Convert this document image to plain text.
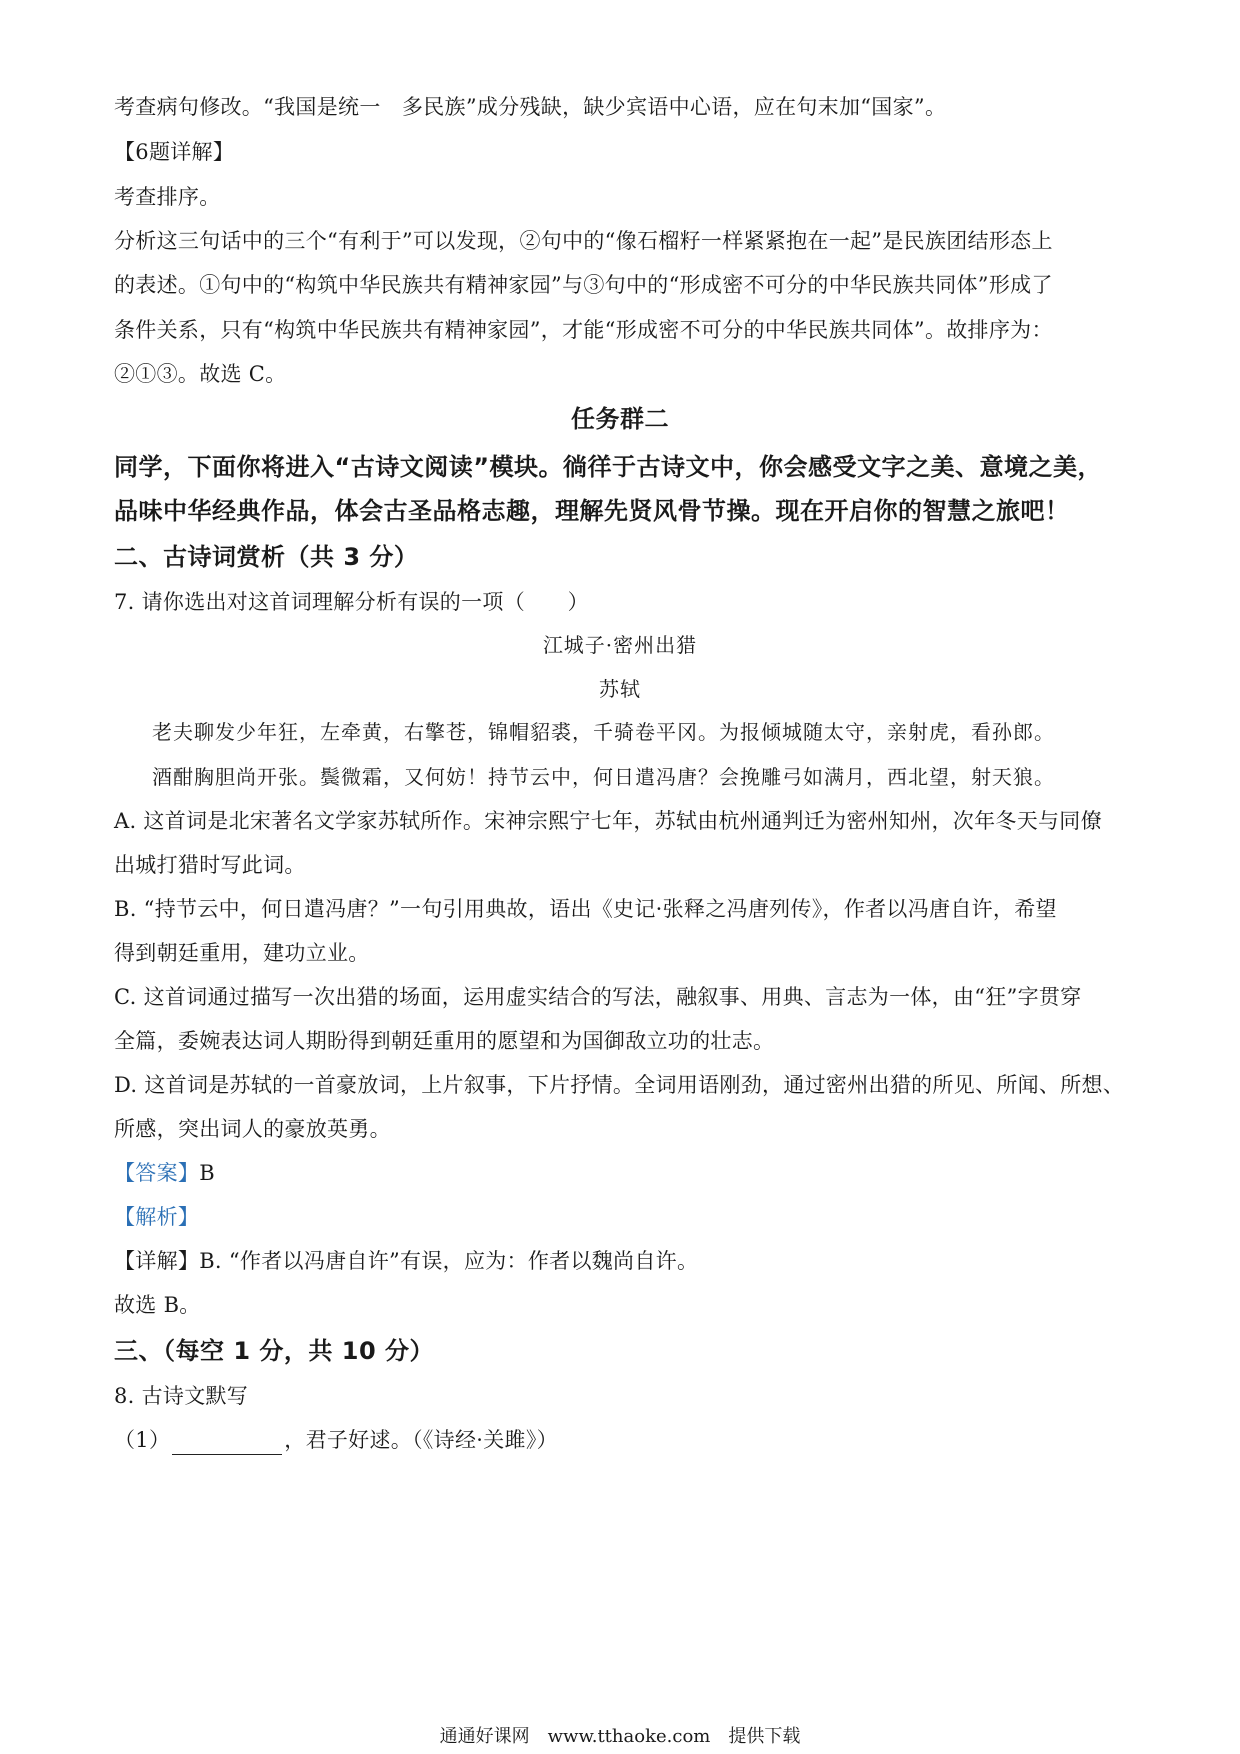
考查病句修改。“我国是统一　多民族”成分残缺，缺少宾语中心语，应在句末加“国家”。
【6题详解】
考查排序。
分析这三句话中的三个“有利于”可以发现，②句中的“像石榴籽一样紧紧抱在一起”是民族团结形态上
的表述。①句中的“构筑中华民族共有精神家园”与③句中的“形成密不可分的中华民族共同体”形成了
条件关系，只有“构筑中华民族共有精神家园”，才能“形成密不可分的中华民族共同体”。故排序为：
②①③。故选 C。
任务群二
同学，下面你将进入“古诗文阅读”模块。徜徉于古诗文中，你会感受文字之美、意境之美，
品味中华经典作品，体会古圣品格志趣，理解先贤风骨节操。现在开启你的智慧之旅吧！
二、古诗词赏析（共 3 分）
7. 请你选出对这首词理解分析有误的一项（　　）
江城子·密州出猎
苏轼
老夫聊发少年狂，左牵黄，右擎苍，锦帽貂裘，千骑卷平冈。为报倾城随太守，亲射虎，看孙郎。
酒酣胸胆尚开张。鬓微霜，又何妨！持节云中，何日遣冯唐？会挽雕弓如满月，西北望，射天狼。
A. 这首词是北宋著名文学家苏轼所作。宋神宗熙宁七年，苏轼由杭州通判迁为密州知州，次年冬天与同僚
出城打猎时写此词。
B. “持节云中，何日遣冯唐？”一句引用典故，语出《史记·张释之冯唐列传》，作者以冯唐自许，希望
得到朝廷重用，建功立业。
C. 这首词通过描写一次出猎的场面，运用虚实结合的写法，融叙事、用典、言志为一体，由“狂”字贯穿
全篇，委婉表达词人期盼得到朝廷重用的愿望和为国御敌立功的壮志。
D. 这首词是苏轼的一首豪放词，上片叙事，下片抒情。全词用语刚劲，通过密州出猎的所见、所闻、所想、
所感，突出词人的豪放英勇。
【答案】B
【解析】
【详解】B. “作者以冯唐自许”有误，应为：作者以魏尚自许。
故选 B。
三、（每空 1 分，共 10 分）
8. 古诗文默写
（1）	，君子好逑。（《诗经·关雎》）
通通好课网　www.tthaoke.com　提供下载
